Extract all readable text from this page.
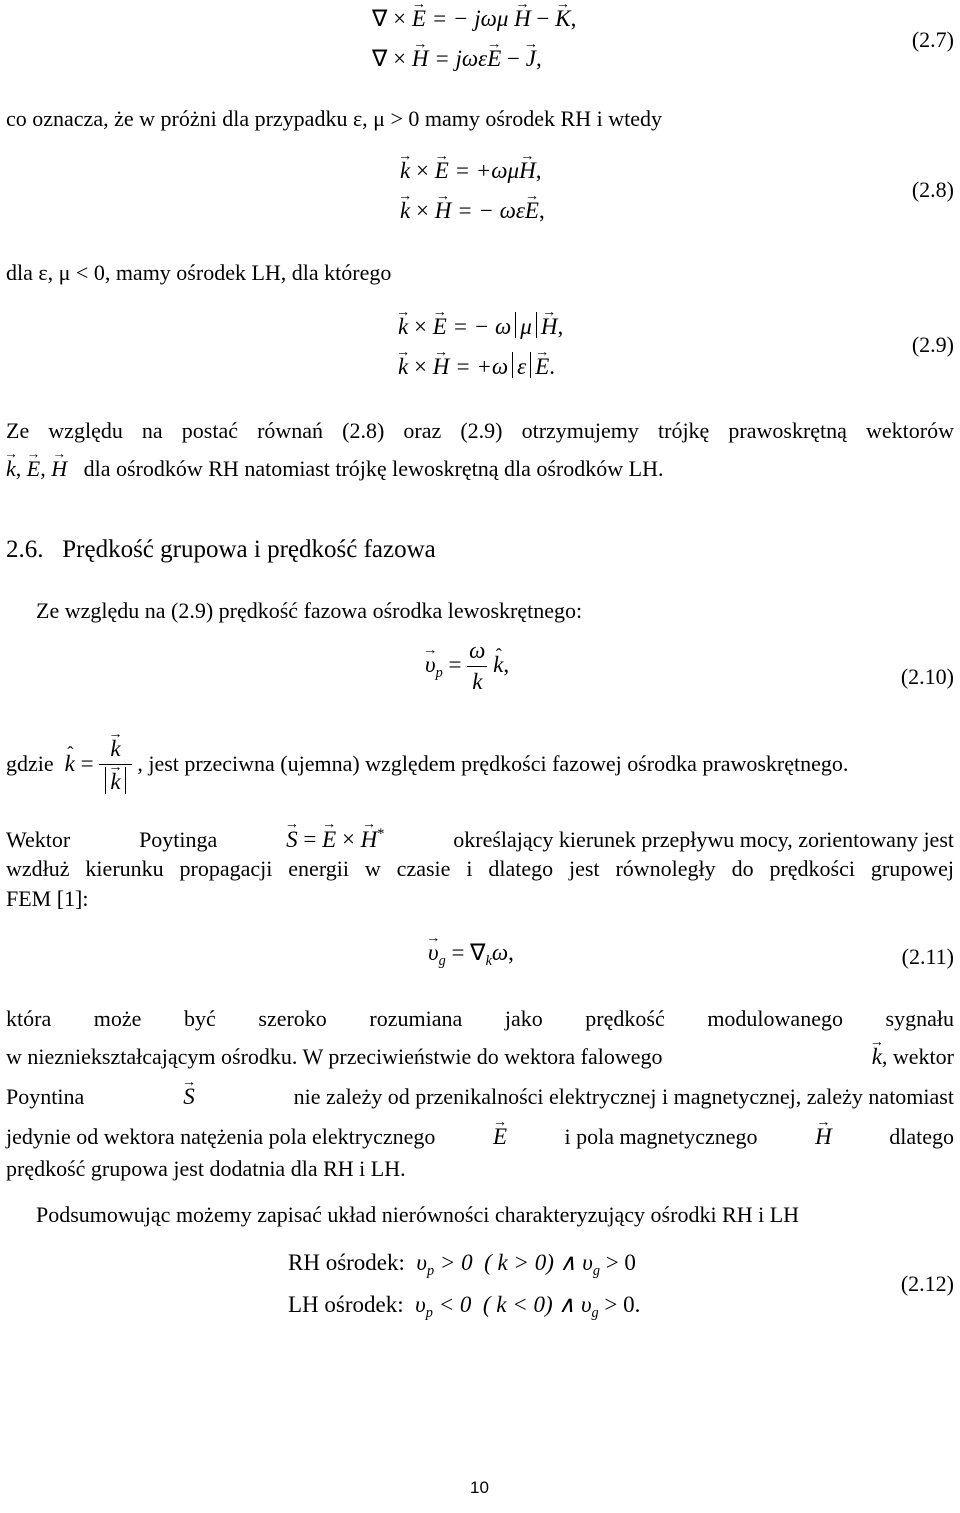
∇ × → E = − jωμ → H − → K,
∇ × → H = jωε→ E − → J,
(2.7)
co oznacza, że w próżni dla przypadku ε, μ > 0 mamy ośrodek RH i wtedy
→ k × → E = +ωμ→ H,
→ k × → H = − ωε→ E,
(2.8)
dla ε, μ < 0, mamy ośrodek LH, dla którego
→ k × → E = − ω μ → H,
→ k × → H = +ω ε → E.
(2.9)
Ze względu na postać równań (2.8) oraz (2.9) otrzymujemy trójkę prawoskrętną wektorów
→ k, → E, → H dla ośrodków RH natomiast trójkę lewoskrętną dla ośrodków LH.
2.6. Prędkość grupowa i prędkość fazowa
Ze względu na (2.9) prędkość fazowa ośrodka lewoskrętnego:
→ $\upsilon_p = \frac{\omega}{k}$ ˆ k,	(2.10)
gdzie ˆ k = → k
→ k , jest przeciwna (ujemna) względem prędkości fazowej ośrodka prawoskrętnego.
Wektor	Poytinga	→ S = → E × → H*	określający kierunek przepływu mocy, zorientowany jest
wzdłuż kierunku propagacji energii w czasie i dlatego jest równoległy do prędkości grupowej
FEM [1]:
→ $\upsilon_g = \nabla_k\omega$,	(2.11)
która może być szeroko rozumiana jako prędkość modulowanego sygnału
w niezniekształcającym ośrodku. W przeciwieństwie do wektora falowego	→ k, wektor
Poyntina	→ S	nie zależy od przenikalności elektrycznej i magnetycznej, zależy natomiast
jedynie od wektora natężenia pola elektrycznego	→ E	i pola magnetycznego	→ H	dlatego
prędkość grupowa jest dodatnia dla RH i LH.
Podsumowując możemy zapisać układ nierówności charakteryzujący ośrodki RH i LH
RH ośrodek: $\upsilon_p > 0$  ( k > 0) ∧ $\upsilon_g > 0$
LH ośrodek: $\upsilon_p < 0$  ( k < 0) ∧ $\upsilon_g > 0$.
(2.12)
10
